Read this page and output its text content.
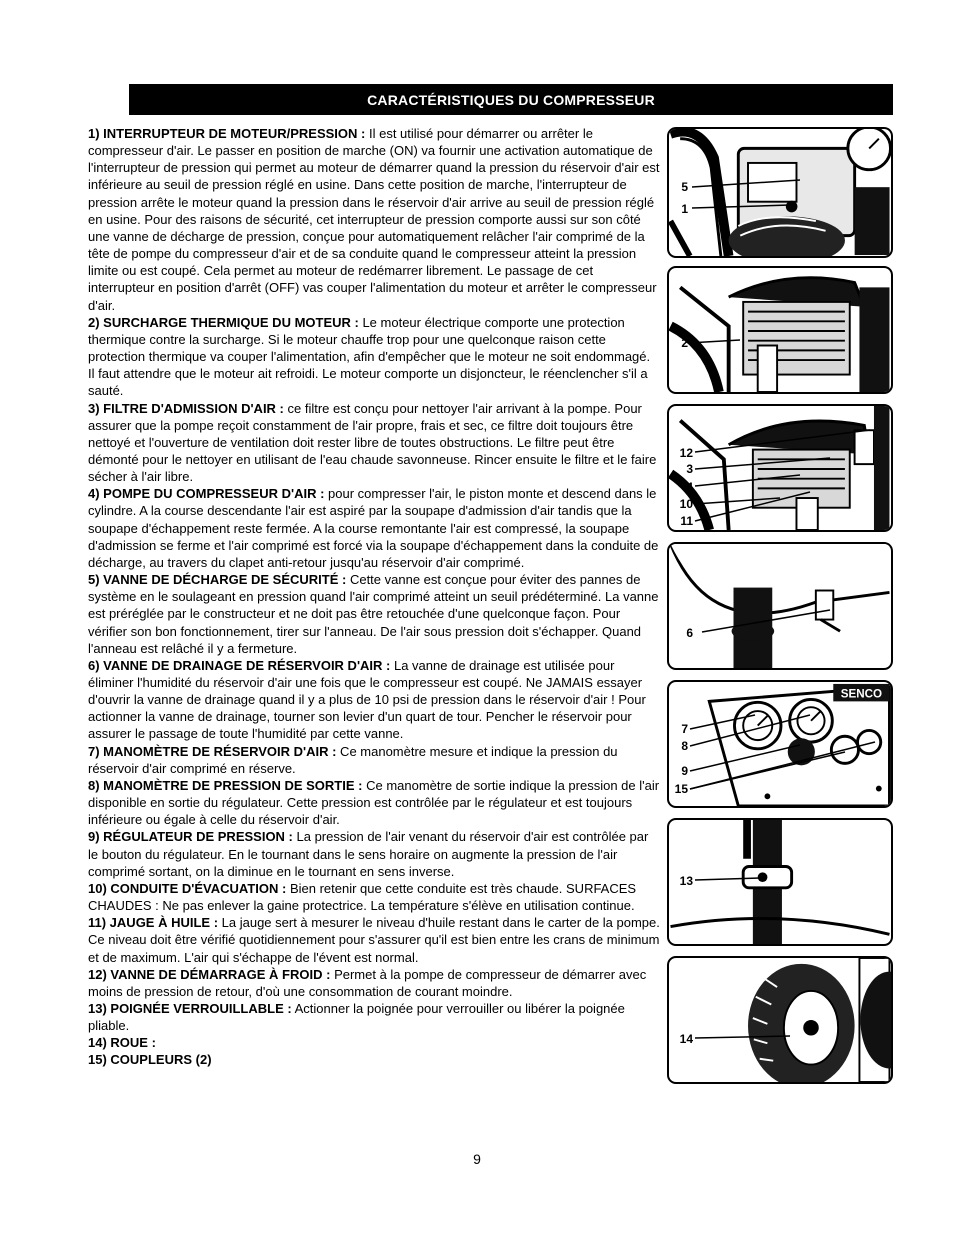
CARACTÉRISTIQUES DU COMPRESSEUR

1) INTERRUPTEUR DE MOTEUR/PRESSION : Il est utilisé pour démarrer ou arrêter le compresseur d'air. Le passer en position de marche (ON) va fournir une activation automatique de l'interrupteur de pression qui permet au moteur de démarrer quand la pression du réservoir d'air est inférieure au seuil de pression réglé en usine. Dans cette position de marche, l'interrupteur de pression arrête le moteur quand la pression dans le réservoir d'air arrive au seuil de pression réglé en usine. Pour des raisons de sécurité, cet interrupteur de pression comporte aussi sur son côté une vanne de décharge de pression, conçue pour automatiquement relâcher l'air comprimé de la tête de pompe du compresseur d'air et de sa conduite quand le compresseur atteint la pression limite ou est coupé. Cela permet au moteur de redémarrer librement. Le passage de cet interrupteur en position d'arrêt (OFF) vas couper l'alimentation du moteur et arrêter le compresseur d'air.

2) SURCHARGE THERMIQUE DU MOTEUR : Le moteur électrique comporte une protection thermique contre la surcharge. Si le moteur chauffe trop pour une quelconque raison cette protection thermique va couper l'alimentation, afin d'empêcher que le moteur ne soit endommagé. Il faut attendre que le moteur ait refroidi. Le moteur comporte un disjoncteur, le réenclencher s'il a sauté.

3) FILTRE D'ADMISSION D'AIR : ce filtre est conçu pour nettoyer l'air arrivant à la pompe. Pour assurer que la pompe reçoit constamment de l'air propre, frais et sec, ce filtre doit toujours être nettoyé et l'ouverture de ventilation doit rester libre de toutes obstructions. Le filtre peut être démonté pour le nettoyer en utilisant de l'eau chaude savonneuse. Rincer ensuite le filtre et le faire sécher à l'air libre.

4) POMPE DU COMPRESSEUR D'AIR : pour compresser l'air, le piston monte et descend dans le cylindre. A la course descendante l'air est aspiré par la soupape d'admission d'air tandis que la soupape d'échappement reste fermée. A la course remontante l'air est compressé, la soupape d'admission se ferme et l'air comprimé est forcé via la soupape d'échappement dans la conduite de décharge, au travers du clapet anti-retour jusqu'au réservoir d'air comprimé.

5) VANNE DE DÉCHARGE DE SÉCURITÉ : Cette vanne est conçue pour éviter des pannes de système en le soulageant en pression quand l'air comprimé atteint un seuil prédéterminé. La vanne est préréglée par le constructeur et ne doit pas être retouchée d'une quelconque façon. Pour vérifier son bon fonctionnement, tirer sur l'anneau. De l'air sous pression doit s'échapper. Quand l'anneau est relâché il y a fermeture.

6) VANNE DE DRAINAGE DE RÉSERVOIR D'AIR : La vanne de drainage est utilisée pour éliminer l'humidité du réservoir d'air une fois que le compresseur est coupé. Ne JAMAIS essayer d'ouvrir la vanne de drainage quand il y a plus de 10 psi de pression dans le réservoir d'air ! Pour actionner la vanne de drainage, tourner son levier d'un quart de tour. Pencher le réservoir pour assurer le passage de toute l'humidité par cette vanne.

7) MANOMÈTRE DE RÉSERVOIR D'AIR : Ce manomètre mesure et indique la pression du réservoir d'air comprimé en réserve.

8) MANOMÈTRE DE PRESSION DE SORTIE : Ce manomètre de sortie indique la pression de l'air disponible en sortie du régulateur. Cette pression est contrôlée par le régulateur et est toujours inférieure ou égale à celle du réservoir d'air.

9) RÉGULATEUR DE PRESSION : La pression de l'air venant du réservoir d'air est contrôlée par le bouton du régulateur. En le tournant dans le sens horaire on augmente la pression de l'air comprimé sortant, on la diminue en le tournant en sens inverse.

10) CONDUITE D'ÉVACUATION : Bien retenir que cette conduite est très chaude. SURFACES CHAUDES : Ne pas enlever la gaine protectrice. La température s'élève en utilisation continue.

11) JAUGE À HUILE : La jauge sert à mesurer le niveau d'huile restant dans le carter de la pompe. Ce niveau doit être vérifié quotidiennement pour s'assurer qu'il est bien entre les crans de minimum et de maximum. L'air qui s'échappe de l'évent est normal.

12) VANNE DE DÉMARRAGE À FROID : Permet à la pompe de compresseur de démarrer avec moins de pression de retour, d'où une consommation de courant moindre.

13) POIGNÉE VERROUILLABLE : Actionner la poignée pour verrouiller ou libérer la poignée pliable.

14) ROUE :

15) COUPLEURS (2)

5
1
2
12
3
4
10
11
6
SENCO
7
8
9
15
13
14
9
